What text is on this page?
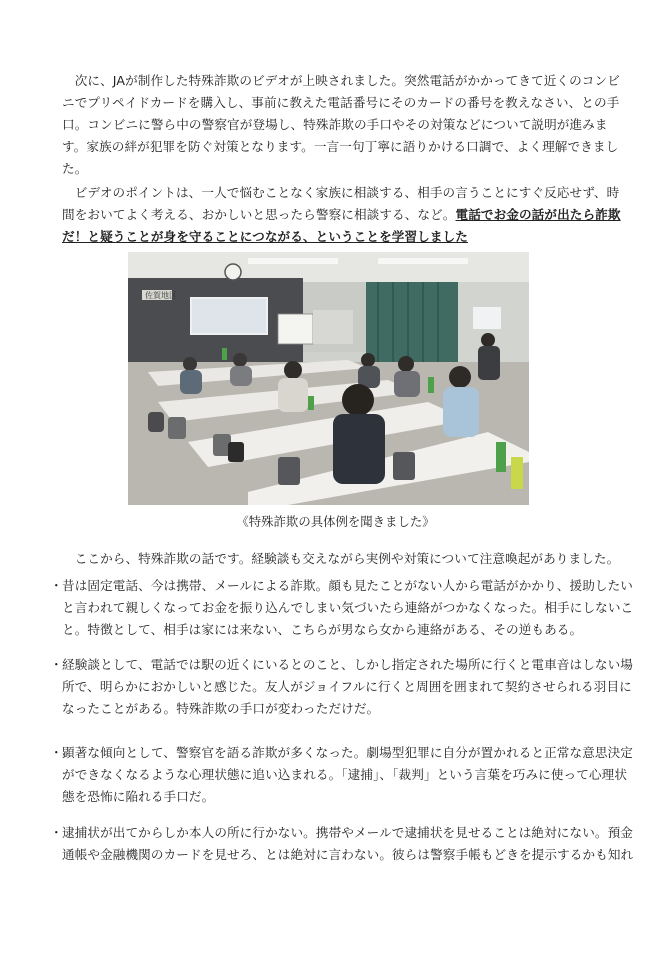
　次に、JAが制作した特殊詐欺のビデオが上映されました。突然電話がかかってきて近くのコンビニでプリペイドカードを購入し、事前に教えた電話番号にそのカードの番号を教えなさい、との手口。コンビニに警ら中の警察官が登場し、特殊詐欺の手口やその対策などについて説明が進みます。家族の絆が犯罪を防ぐ対策となります。一言一句丁寧に語りかける口調で、よく理解できました。

　ビデオのポイントは、一人で悩むことなく家族に相談する、相手の言うことにすぐ反応せず、時間をおいてよく考える、おかしいと思ったら警察に相談する、など。電話でお金の話が出たら詐欺だ！と疑うことが身を守ることにつながる、ということを学習しました

佐賀地区

《特殊詐欺の具体例を聞きました》

　ここから、特殊詐欺の話です。経験談も交えながら実例や対策について注意喚起がありました。

・ 昔は固定電話、今は携帯、メールによる詐欺。顔も見たことがない人から電話がかかり、援助したいと言われて親しくなってお金を振り込んでしまい気づいたら連絡がつかなくなった。相手にしないこと。特徴として、相手は家には来ない、こちらが男なら女から連絡がある、その逆もある。

・ 経験談として、電話では駅の近くにいるとのこと、しかし指定された場所に行くと電車音はしない場所で、明らかにおかしいと感じた。友人がジョイフルに行くと周囲を囲まれて契約させられる羽目になったことがある。特殊詐欺の手口が変わっただけだ。

・ 顕著な傾向として、警察官を語る詐欺が多くなった。劇場型犯罪に自分が置かれると正常な意思決定ができなくなるような心理状態に追い込まれる。「逮捕」、「裁判」という言葉を巧みに使って心理状態を恐怖に陥れる手口だ。

・ 逮捕状が出てからしか本人の所に行かない。携帯やメールで逮捕状を見せることは絶対にない。預金通帳や金融機関のカードを見せろ、とは絶対に言わない。彼らは警察手帳もどきを提示するかも知れ
